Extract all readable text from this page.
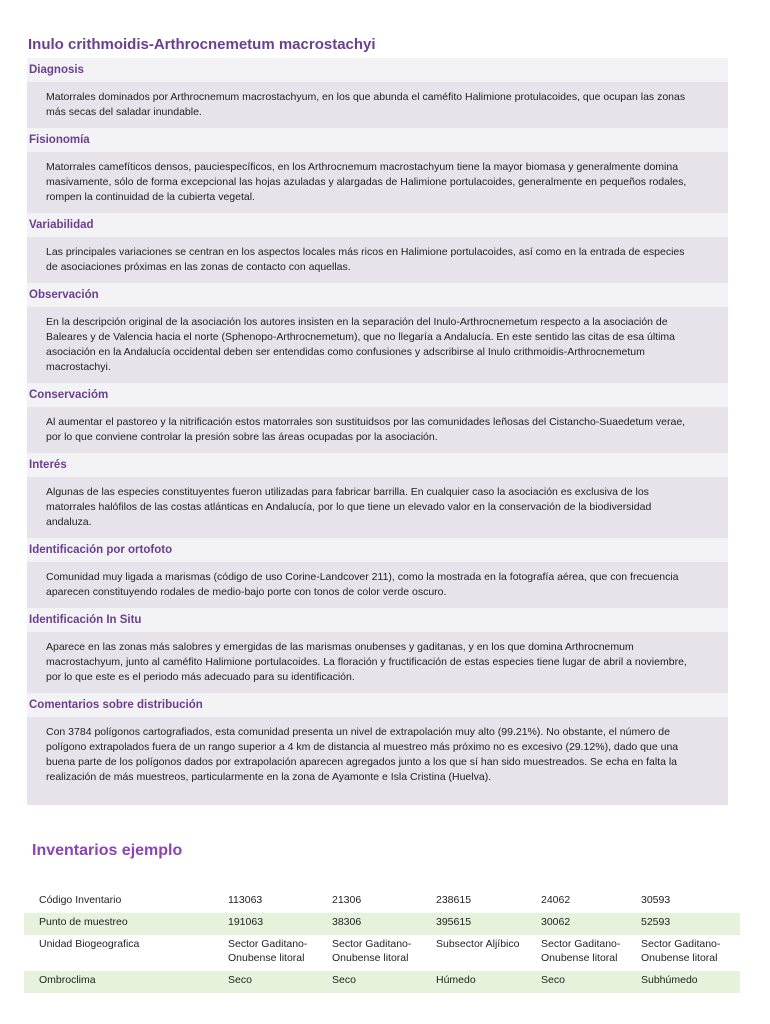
Inulo crithmoidis-Arthrocnemetum macrostachyi
Diagnosis
Matorrales dominados por Arthrocnemum macrostachyum, en los que abunda el caméfito Halimione protulacoides, que ocupan las zonas más secas del saladar inundable.
Fisionomía
Matorrales camefíticos densos, pauciespecíficos, en los Arthrocnemum macrostachyum tiene la mayor biomasa y generalmente domina masivamente, sólo de forma excepcional las hojas azuladas y alargadas de Halimione portulacoides, generalmente en pequeños rodales, rompen la continuidad de la cubierta vegetal.
Variabilidad
Las principales variaciones se centran en los aspectos locales más ricos en Halimione portulacoides, así como en la entrada de especies de asociaciones próximas en las zonas de contacto con aquellas.
Observación
En la descripción original de la asociación los autores insisten en la separación del Inulo-Arthrocnemetum respecto a la asociación de Baleares y de Valencia hacia el norte (Sphenopo-Arthrocnemetum), que no llegaría a Andalucía. En este sentido las citas de esa última asociación en la Andalucía occidental deben ser entendidas como confusiones y adscribirse al Inulo crithmoidis-Arthrocnemetum macrostachyi.
Conservacióm
Al aumentar el pastoreo y la nitrificación estos matorrales son sustituidsos por las comunidades leñosas del Cistancho-Suaedetum verae, por lo que conviene controlar la presión sobre las áreas ocupadas por la asociación.
Interés
Algunas de las especies constituyentes fueron utilizadas para fabricar barrilla. En cualquier caso la asociación es exclusiva de los matorrales halófilos de las costas atlánticas en Andalucía, por lo que tiene un elevado valor en la conservación de la biodiversidad andaluza.
Identificación por ortofoto
Comunidad muy ligada a marismas (código de uso Corine-Landcover 211), como la mostrada en la fotografía aérea, que con frecuencia aparecen constituyendo rodales de medio-bajo porte con tonos de color verde oscuro.
Identificación In Situ
Aparece en las zonas más salobres y emergidas de las marismas onubenses y gaditanas, y en los que domina Arthrocnemum macrostachyum, junto al caméfito Halimione portulacoides. La floración y fructificación de estas especies tiene lugar de abril a noviembre, por lo que este es el periodo más adecuado para su identificación.
Comentarios sobre distribución
Con 3784 polígonos cartografiados, esta comunidad presenta un nivel de extrapolación muy alto (99.21%). No obstante, el número de polígono extrapolados fuera de un rango superior a 4 km de distancia al muestreo más próximo no es excesivo (29.12%), dado que una buena parte de los polígonos dados por extrapolación aparecen agregados junto a los que sí han sido muestreados. Se echa en falta la realización de más muestreos, particularmente en la zona de Ayamonte e Isla Cristina (Huelva).
Inventarios ejemplo
Código Inventario	113063	21306	238615	24062	30593
Punto de muestreo	191063	38306	395615	30062	52593
Unidad Biogeografica	Sector Gaditano-Onubense litoral	Sector Gaditano-Onubense litoral	Subsector Aljíbico	Sector Gaditano-Onubense litoral	Sector Gaditano-Onubense litoral
Ombroclima	Seco	Seco	Húmedo	Seco	Subhúmedo
